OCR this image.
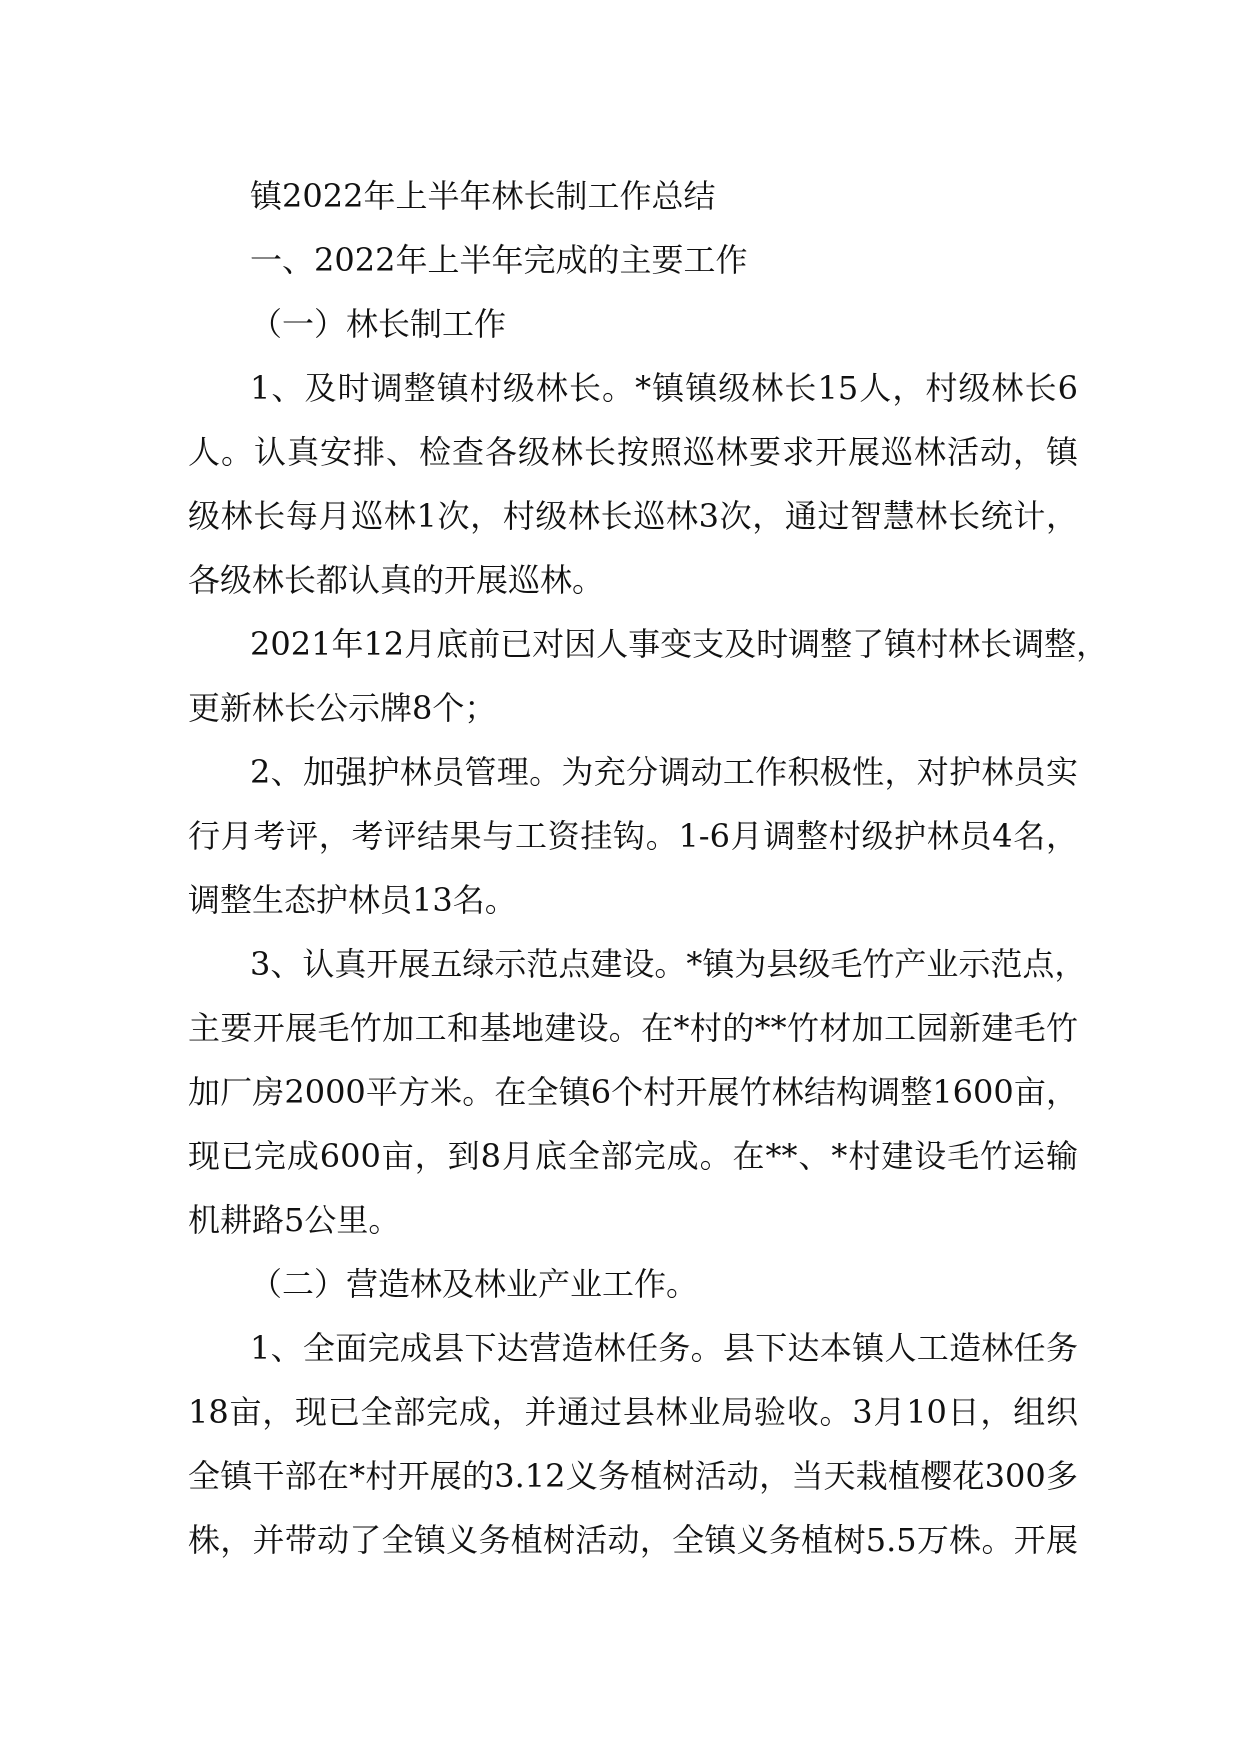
镇2022年上半年林长制工作总结
一、2022年上半年完成的主要工作
（一）林长制工作
1、及时调整镇村级林长。*镇镇级林长15人，村级林长6
人。认真安排、检查各级林长按照巡林要求开展巡林活动，镇
级林长每月巡林1次，村级林长巡林3次，通过智慧林长统计，
各级林长都认真的开展巡林。
2021年12月底前已对因人事变支及时调整了镇村林长调整，
更新林长公示牌8个；
2、加强护林员管理。为充分调动工作积极性，对护林员实
行月考评，考评结果与工资挂钩。1-6月调整村级护林员4名，
调整生态护林员13名。
3、认真开展五绿示范点建设。*镇为县级毛竹产业示范点，
主要开展毛竹加工和基地建设。在*村的**竹材加工园新建毛竹
加厂房2000平方米。在全镇6个村开展竹林结构调整1600亩，
现已完成600亩，到8月底全部完成。在**、*村建设毛竹运输
机耕路5公里。
（二）营造林及林业产业工作。
1、全面完成县下达营造林任务。县下达本镇人工造林任务
18亩，现已全部完成，并通过县林业局验收。3月10日，组织
全镇干部在*村开展的3.12义务植树活动，当天栽植樱花300多
株，并带动了全镇义务植树活动，全镇义务植树5.5万株。开展
